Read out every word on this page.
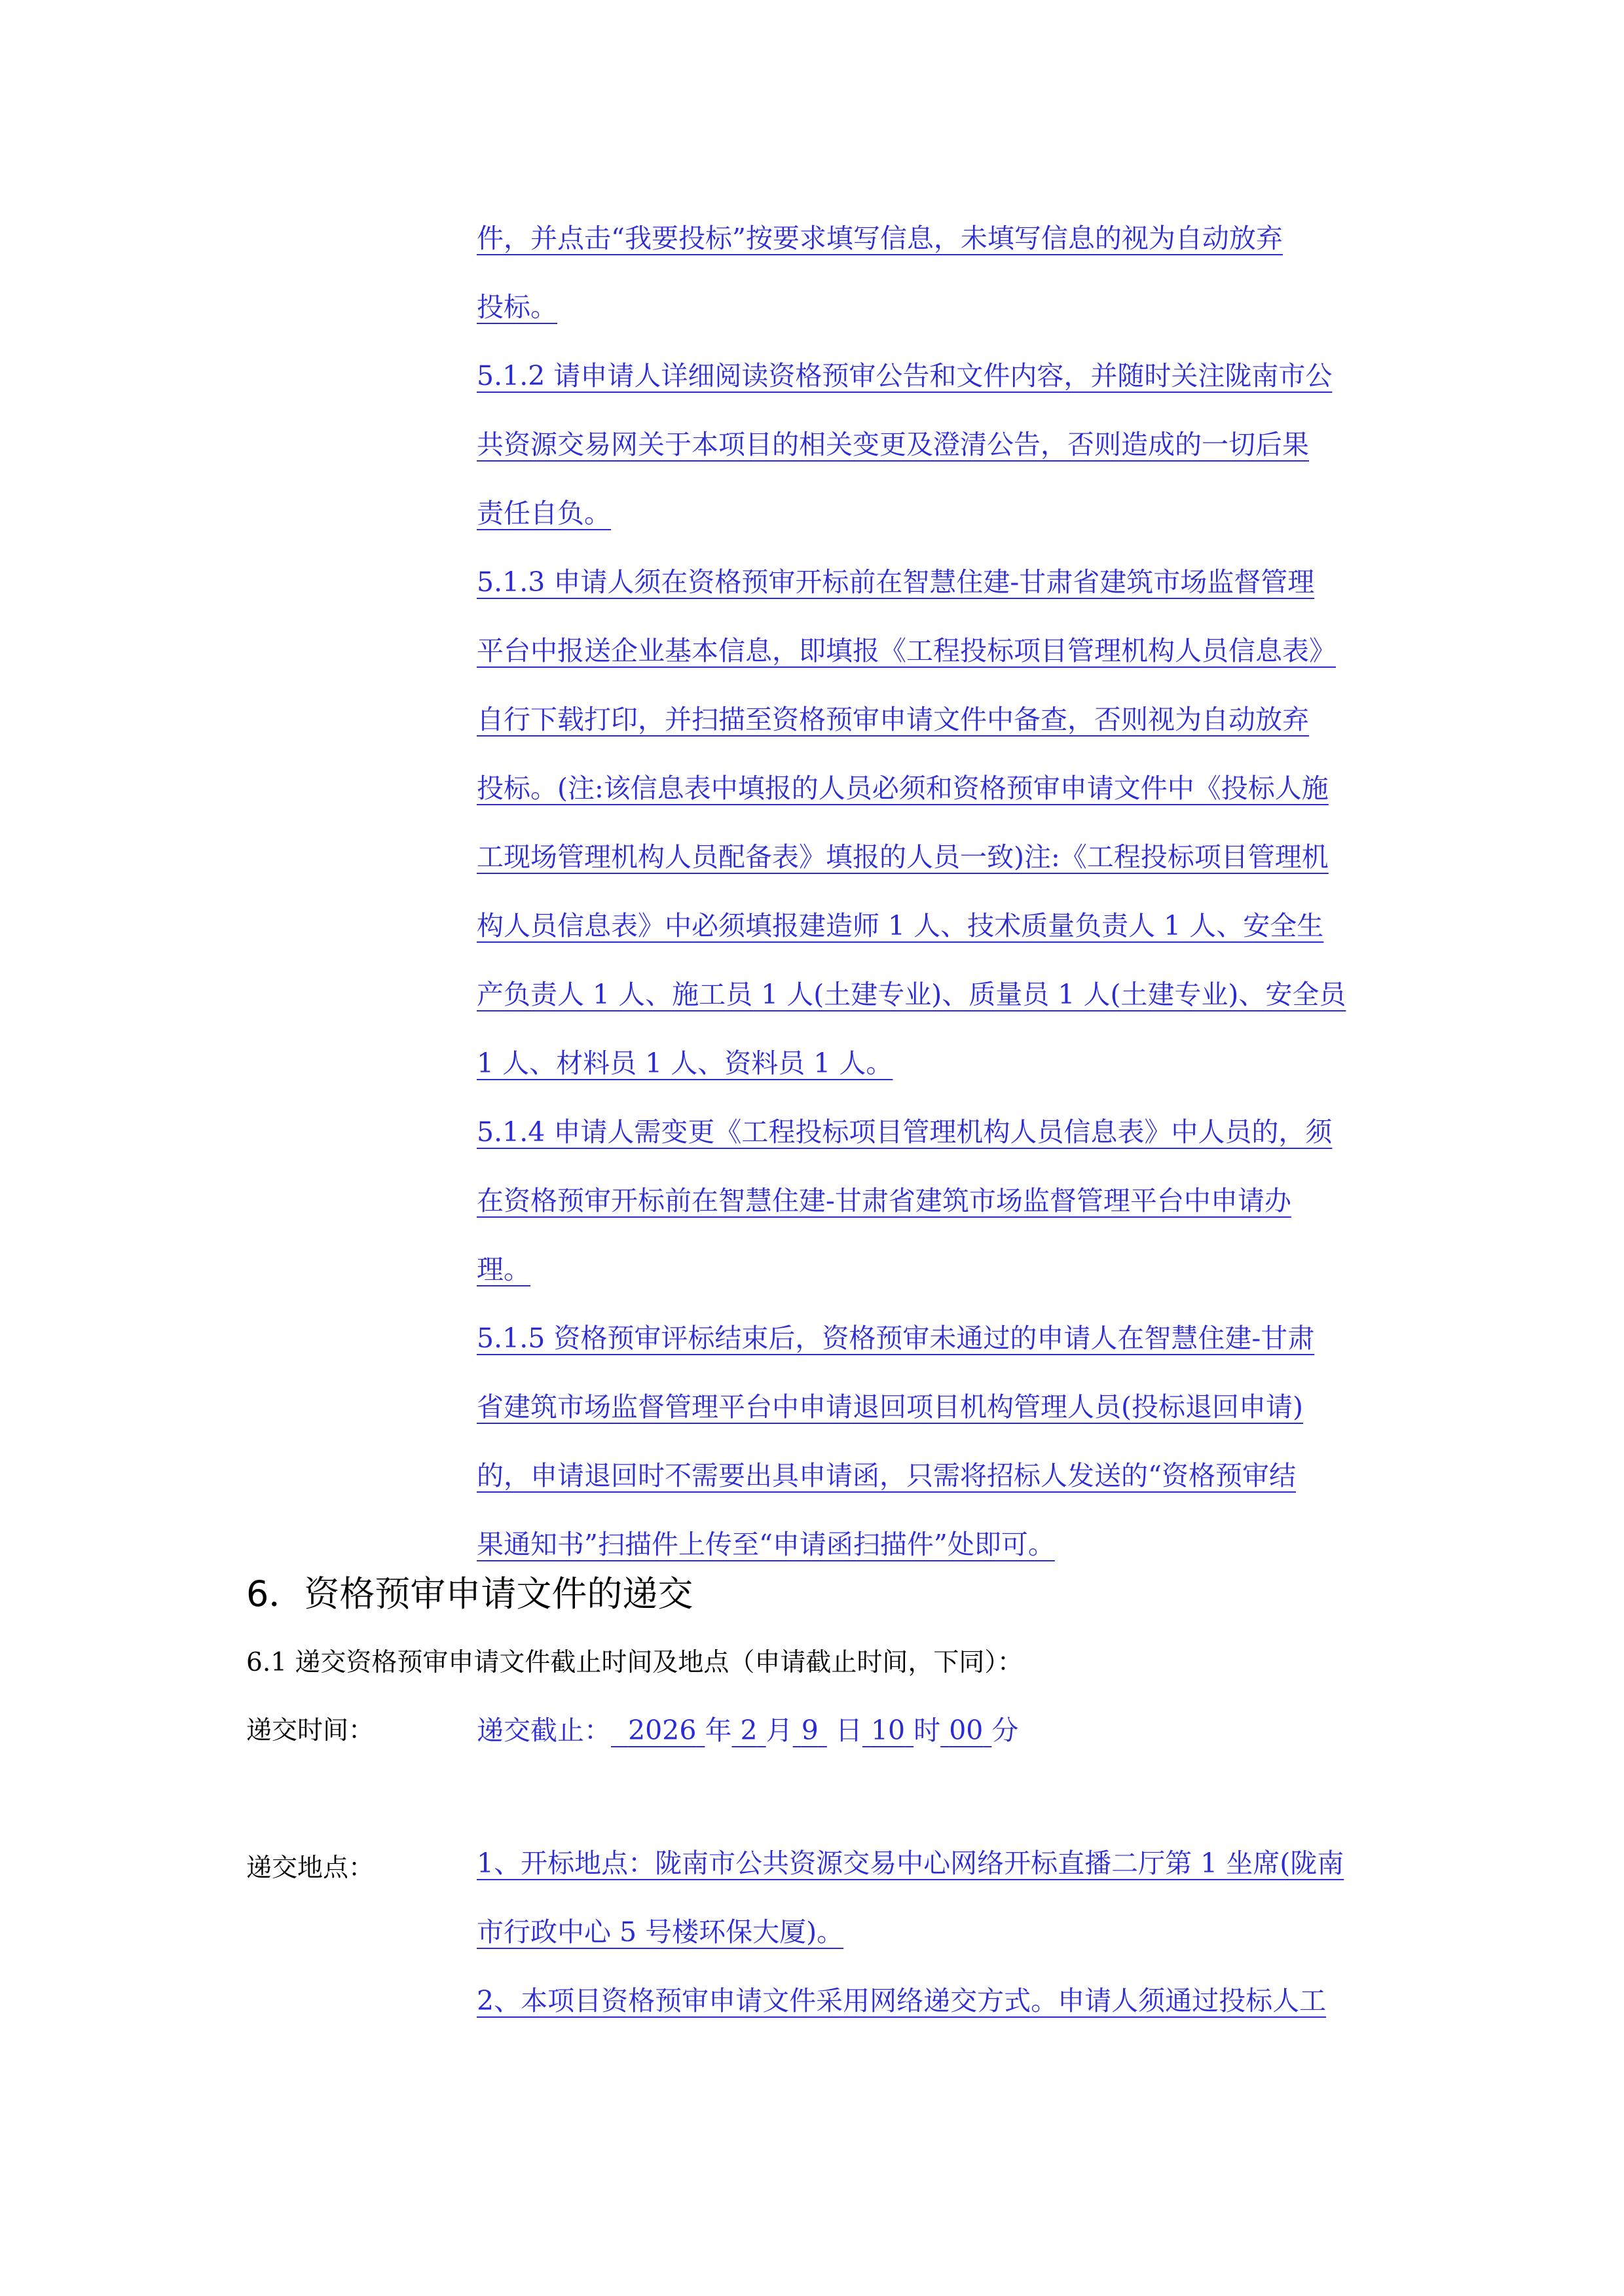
件，并点击“我要投标”按要求填写信息，未填写信息的视为自动放弃
投标。
5.1.2 请申请人详细阅读资格预审公告和文件内容，并随时关注陇南市公
共资源交易网关于本项目的相关变更及澄清公告，否则造成的一切后果
责任自负。
5.1.3 申请人须在资格预审开标前在智慧住建-甘肃省建筑市场监督管理
平台中报送企业基本信息，即填报《工程投标项目管理机构人员信息表》
自行下载打印，并扫描至资格预审申请文件中备查，否则视为自动放弃
投标。(注:该信息表中填报的人员必须和资格预审申请文件中《投标人施
工现场管理机构人员配备表》填报的人员一致)注:《工程投标项目管理机
构人员信息表》中必须填报建造师 1 人、技术质量负责人 1 人、安全生
产负责人 1 人、施工员 1 人(土建专业)、质量员 1 人(土建专业)、安全员
1 人、材料员 1 人、资料员 1 人。
5.1.4 申请人需变更《工程投标项目管理机构人员信息表》中人员的，须
在资格预审开标前在智慧住建-甘肃省建筑市场监督管理平台中申请办
理。
5.1.5 资格预审评标结束后，资格预审未通过的申请人在智慧住建-甘肃
省建筑市场监督管理平台中申请退回项目机构管理人员(投标退回申请)
的，申请退回时不需要出具申请函，只需将招标人发送的“资格预审结
果通知书”扫描件上传至“申请函扫描件”处即可。
6．资格预审申请文件的递交
6.1 递交资格预审申请文件截止时间及地点（申请截止时间，下同）：
递交时间：	递交截止： 2026 年 2 月 9 日 10 时 00 分
递交地点：	1、开标地点：陇南市公共资源交易中心网络开标直播二厅第 1 坐席(陇南
市行政中心 5 号楼环保大厦)。
2、本项目资格预审申请文件采用网络递交方式。申请人须通过投标人工
